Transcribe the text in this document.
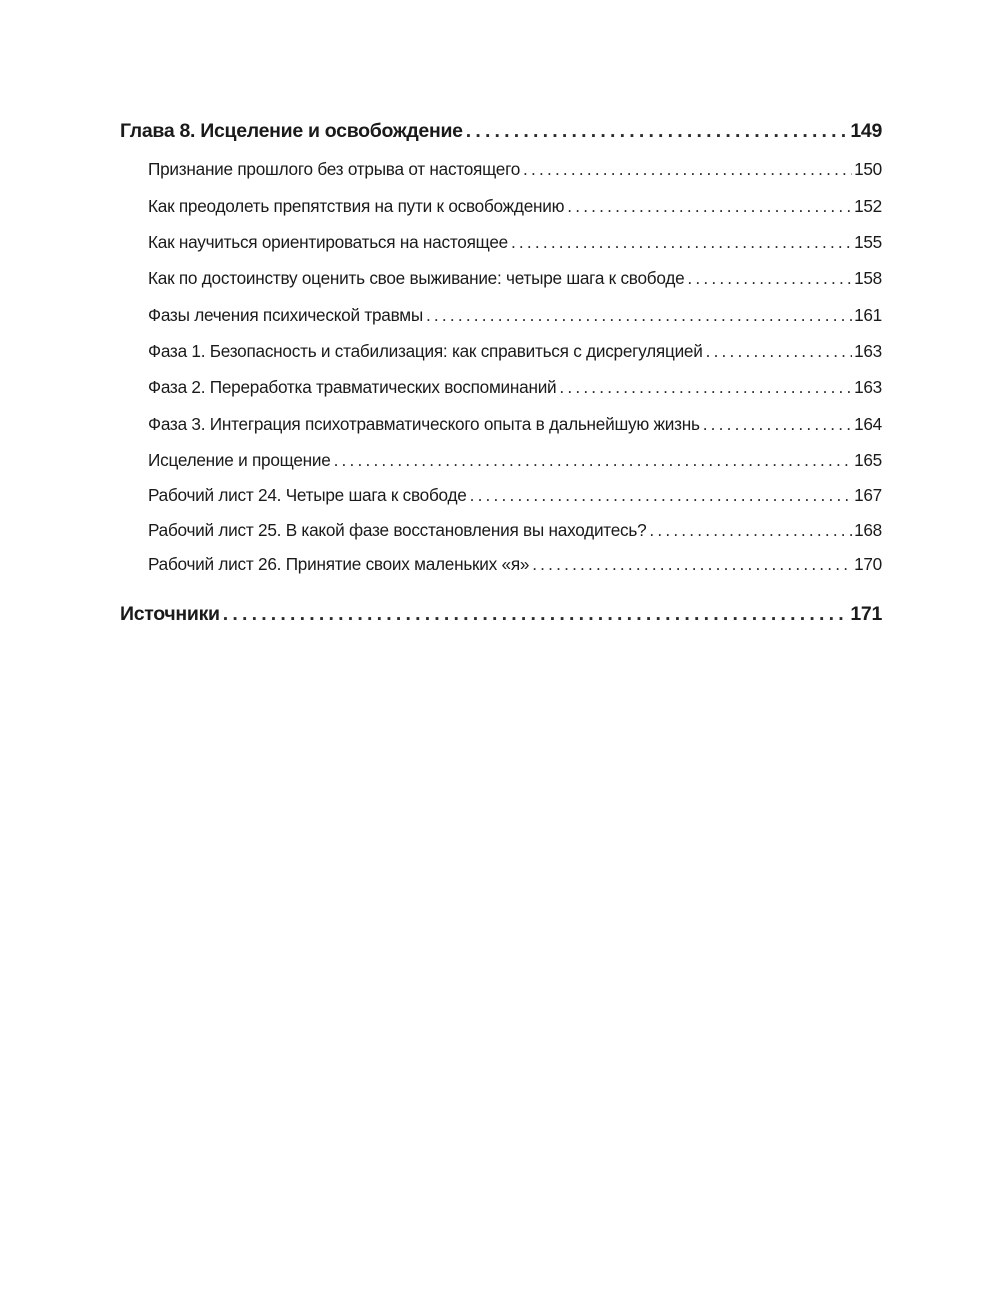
Глава 8. Исцеление и освобождение .....	149
Признание прошлого без отрыва от настоящего .....	150
Как преодолеть препятствия на пути к освобождению .....	152
Как научиться ориентироваться на настоящее .....	155
Как по достоинству оценить свое выживание: четыре шага к свободе .....	158
Фазы лечения психической травмы .....	161
Фаза 1. Безопасность и стабилизация: как справиться с дисрегуляцией .....	163
Фаза 2. Переработка травматических воспоминаний .....	163
Фаза 3. Интеграция психотравматического опыта в дальнейшую жизнь .....	164
Исцеление и прощение .....	165
Рабочий лист 24. Четыре шага к свободе .....	167
Рабочий лист 25. В какой фазе восстановления вы находитесь? .....	168
Рабочий лист 26. Принятие своих маленьких «я» .....	170
Источники .....	171
